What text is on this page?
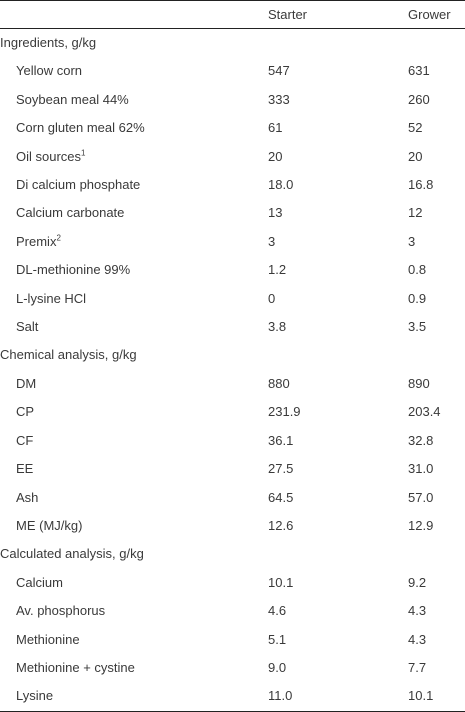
	Starter	Grower
Ingredients, g/kg		
Yellow corn	547	631
Soybean meal 44%	333	260
Corn gluten meal 62%	61	52
Oil sources$^1$	20	20
Di calcium phosphate	18.0	16.8
Calcium carbonate	13	12
Premix$^2$	3	3
DL-methionine 99%	1.2	0.8
L-lysine HCl	0	0.9
Salt	3.8	3.5
Chemical analysis, g/kg		
DM	880	890
CP	231.9	203.4
CF	36.1	32.8
EE	27.5	31.0
Ash	64.5	57.0
ME (MJ/kg)	12.6	12.9
Calculated analysis, g/kg		
Calcium	10.1	9.2
Av. phosphorus	4.6	4.3
Methionine	5.1	4.3
Methionine + cystine	9.0	7.7
Lysine	11.0	10.1
